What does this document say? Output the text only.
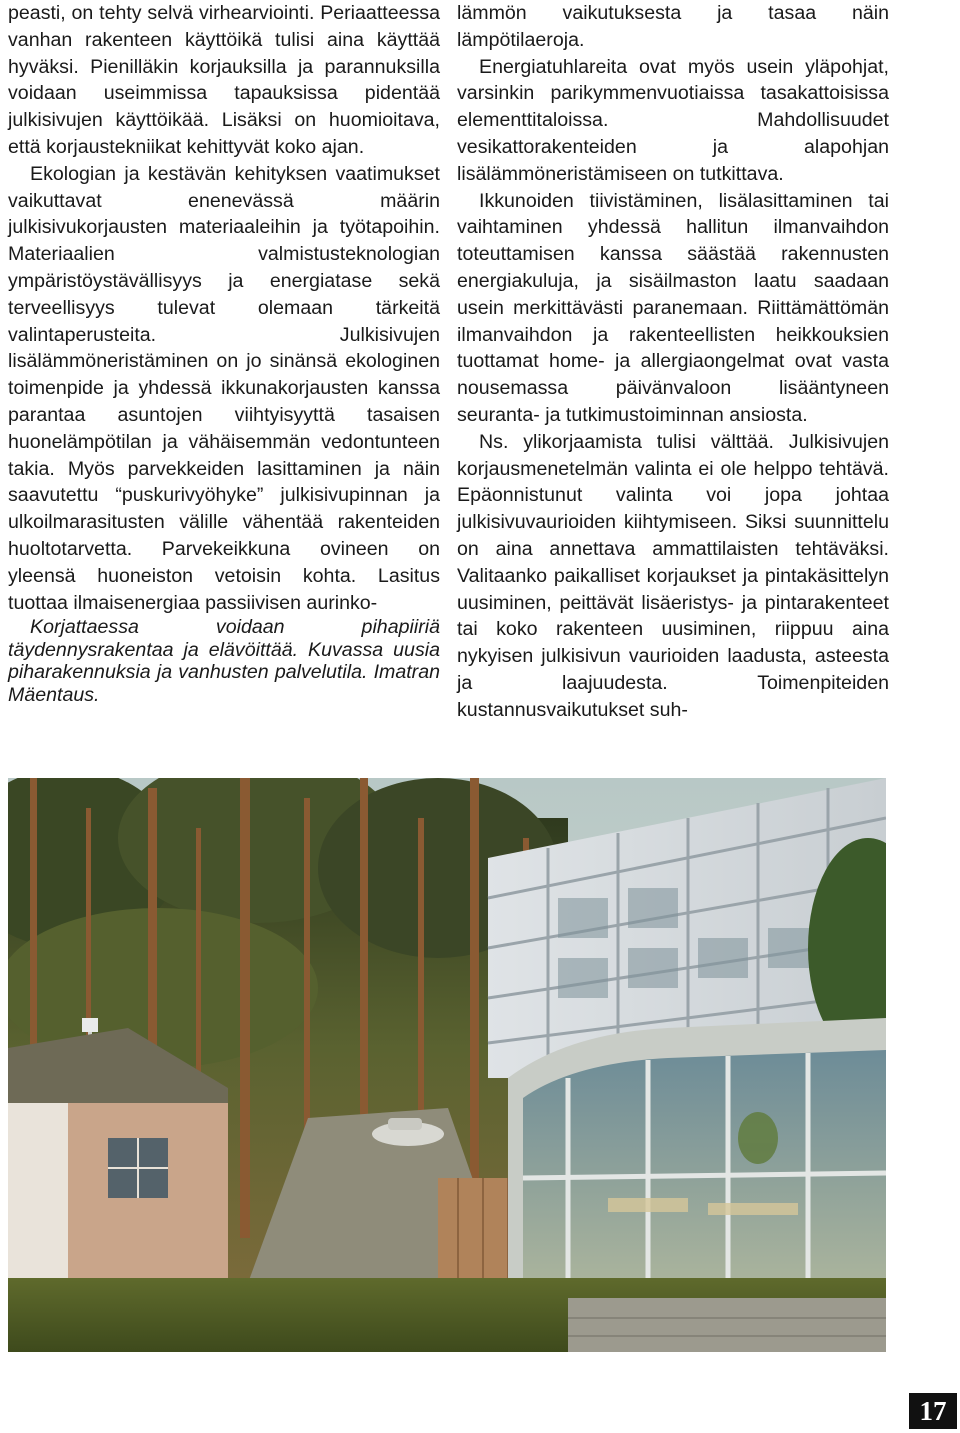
peasti, on tehty selvä virhearviointi. Periaatteessa vanhan rakenteen käyttöikä tulisi aina käyttää hyväksi. Pienilläkin korjauksilla ja parannuksilla voidaan useimmissa tapauksissa pidentää julkisivujen käyttöikää. Lisäksi on huomioitava, että korjaustekniikat kehittyvät koko ajan.

Ekologian ja kestävän kehityksen vaatimukset vaikuttavat enenevässä määrin julkisivukorjausten materiaaleihin ja työtapoihin. Materiaalien valmistusteknologian ympäristöystävällisyys ja energiatase sekä terveellisyys tulevat olemaan tärkeitä valintaperusteita. Julkisivujen lisälämmöneristäminen on jo sinänsä ekologinen toimenpide ja yhdessä ikkunakorjausten kanssa parantaa asuntojen viihtyisyyttä tasaisen huonelämpötilan ja vähäisemmän vedontunteen takia. Myös parvekkeiden lasittaminen ja näin saavutettu “puskurivyöhyke” julkisivupinnan ja ulkoilmarasitusten välille vähentää rakenteiden huoltotarvetta. Parvekeikkuna ovineen on yleensä huoneiston vetoisin kohta. Lasitus tuottaa ilmaisenergiaa passiivisen aurinko-

Korjattaessa voidaan pihapiiriä täydennysrakentaa ja elävöittää. Kuvassa uusia piharakennuksia ja vanhusten palvelutila. Imatran Mäentaus.

lämmön vaikutuksesta ja tasaa näin lämpötilaeroja.

Energiatuhlareita ovat myös usein yläpohjat, varsinkin parikymmenvuotiaissa tasakattoisissa elementtitaloissa. Mahdollisuudet vesikattorakenteiden ja alapohjan lisälämmöneristämiseen on tutkittava.

Ikkunoiden tiivistäminen, lisälasittaminen tai vaihtaminen yhdessä hallitun ilmanvaihdon toteuttamisen kanssa säästää rakennusten energiakuluja, ja sisäilmaston laatu saadaan usein merkittävästi paranemaan. Riittämättömän ilmanvaihdon ja rakenteellisten heikkouksien tuottamat home- ja allergiaongelmat ovat vasta nousemassa päivänvaloon lisääntyneen seuranta- ja tutkimustoiminnan ansiosta.

Ns. ylikorjaamista tulisi välttää. Julkisivujen korjausmenetelmän valinta ei ole helppo tehtävä. Epäonnistunut valinta voi jopa johtaa julkisivuvaurioiden kiihtymiseen. Siksi suunnittelu on aina annettava ammattilaisten tehtäväksi. Valitaanko paikalliset korjaukset ja pintakäsittelyn uusiminen, peittävät lisäeristys- ja pintarakenteet tai koko rakenteen uusiminen, riippuu aina nykyisen julkisivun vaurioiden laadusta, asteesta ja laajuudesta. Toimenpiteiden kustannusvaikutukset suh-

17
